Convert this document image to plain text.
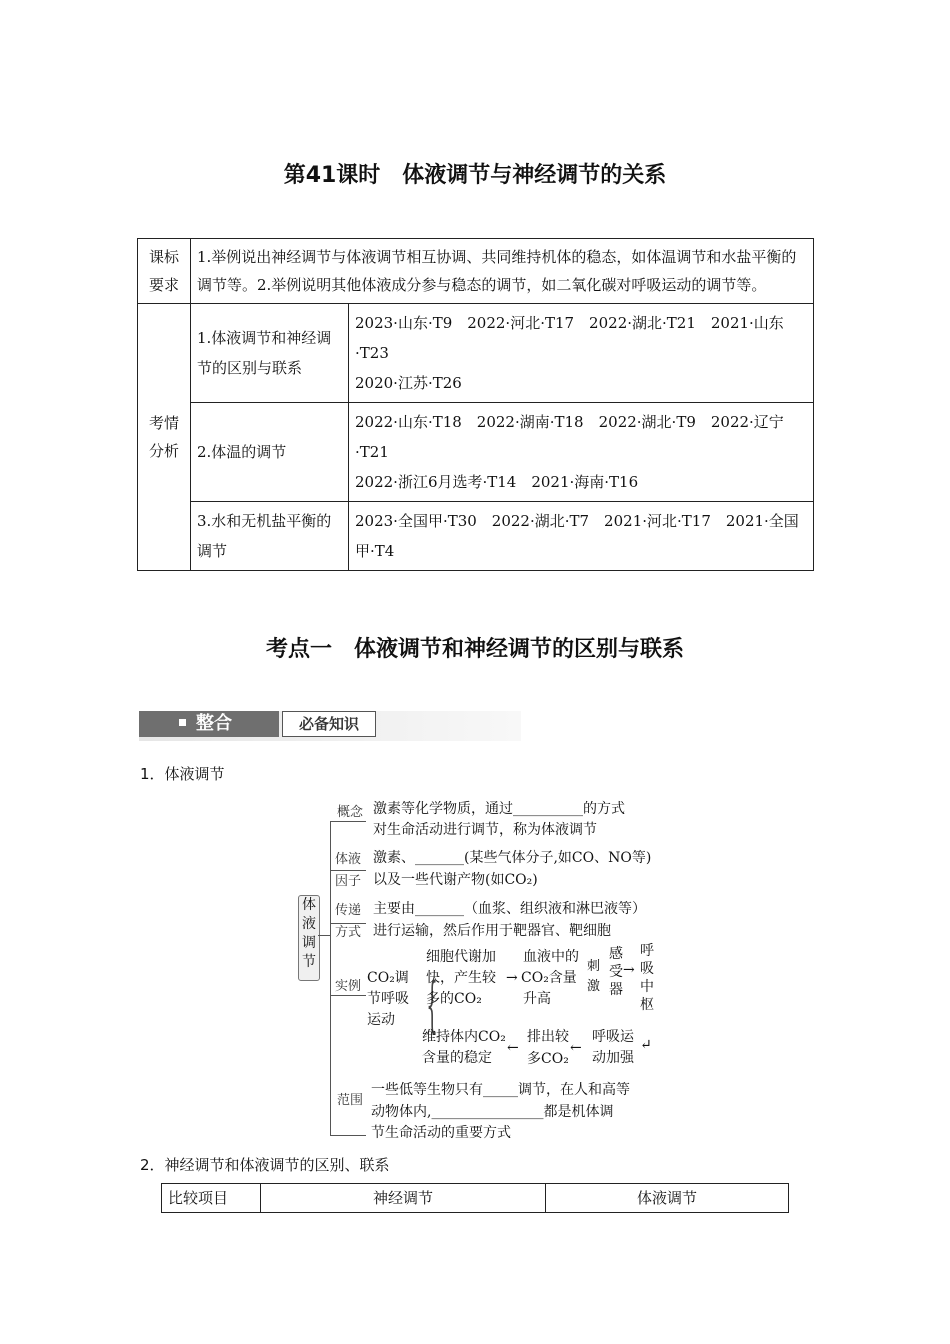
第41课时　体液调节与神经调节的关系
课标要求	1.举例说出神经调节与体液调节相互协调、共同维持机体的稳态，如体温调节和水盐平衡的调节等。2.举例说明其他体液成分参与稳态的调节，如二氧化碳对呼吸运动的调节等。	
考情分析	1.体液调节和神经调节的区别与联系	2023·山东·T9　2022·河北·T17　2022·湖北·T21　2021·山东·T23
2020·江苏·T26

	2.体温的调节	2022·山东·T18　2022·湖南·T18　2022·湖北·T9　2022·辽宁·T21
2022·浙江6月选考·T14　2021·海南·T16

	3.水和无机盐平衡的调节	2023·全国甲·T30　2022·湖北·T7　2021·河北·T17　2021·全国甲·T4
考点一　体液调节和神经调节的区别与联系
整合	必备知识
1．体液调节
体液调节
概念 激素等化学物质，通过__________的方式
对生命活动进行调节，称为体液调节
体液
因子
激素、_______(某些气体分子,如CO、NO等)
以及一些代谢产物(如CO₂)
传递
方式
主要由_______（血浆、组织液和淋巴液等）
进行运输，然后作用于靶器官、靶细胞
实例
CO₂调
节呼吸
运动 {
细胞代谢加
快，产生较
多的CO₂
→
血液中的
CO₂含量
升高
刺激
感受器
→
呼吸中枢
呼吸运
动加强
↵
←
排出较
多CO₂
←
维持体内CO₂
含量的稳定
范围
一些低等生物只有_____调节，在人和高等
动物体内,________________都是机体调
节生命活动的重要方式
2．神经调节和体液调节的区别、联系
比较项目	神经调节	体液调节
